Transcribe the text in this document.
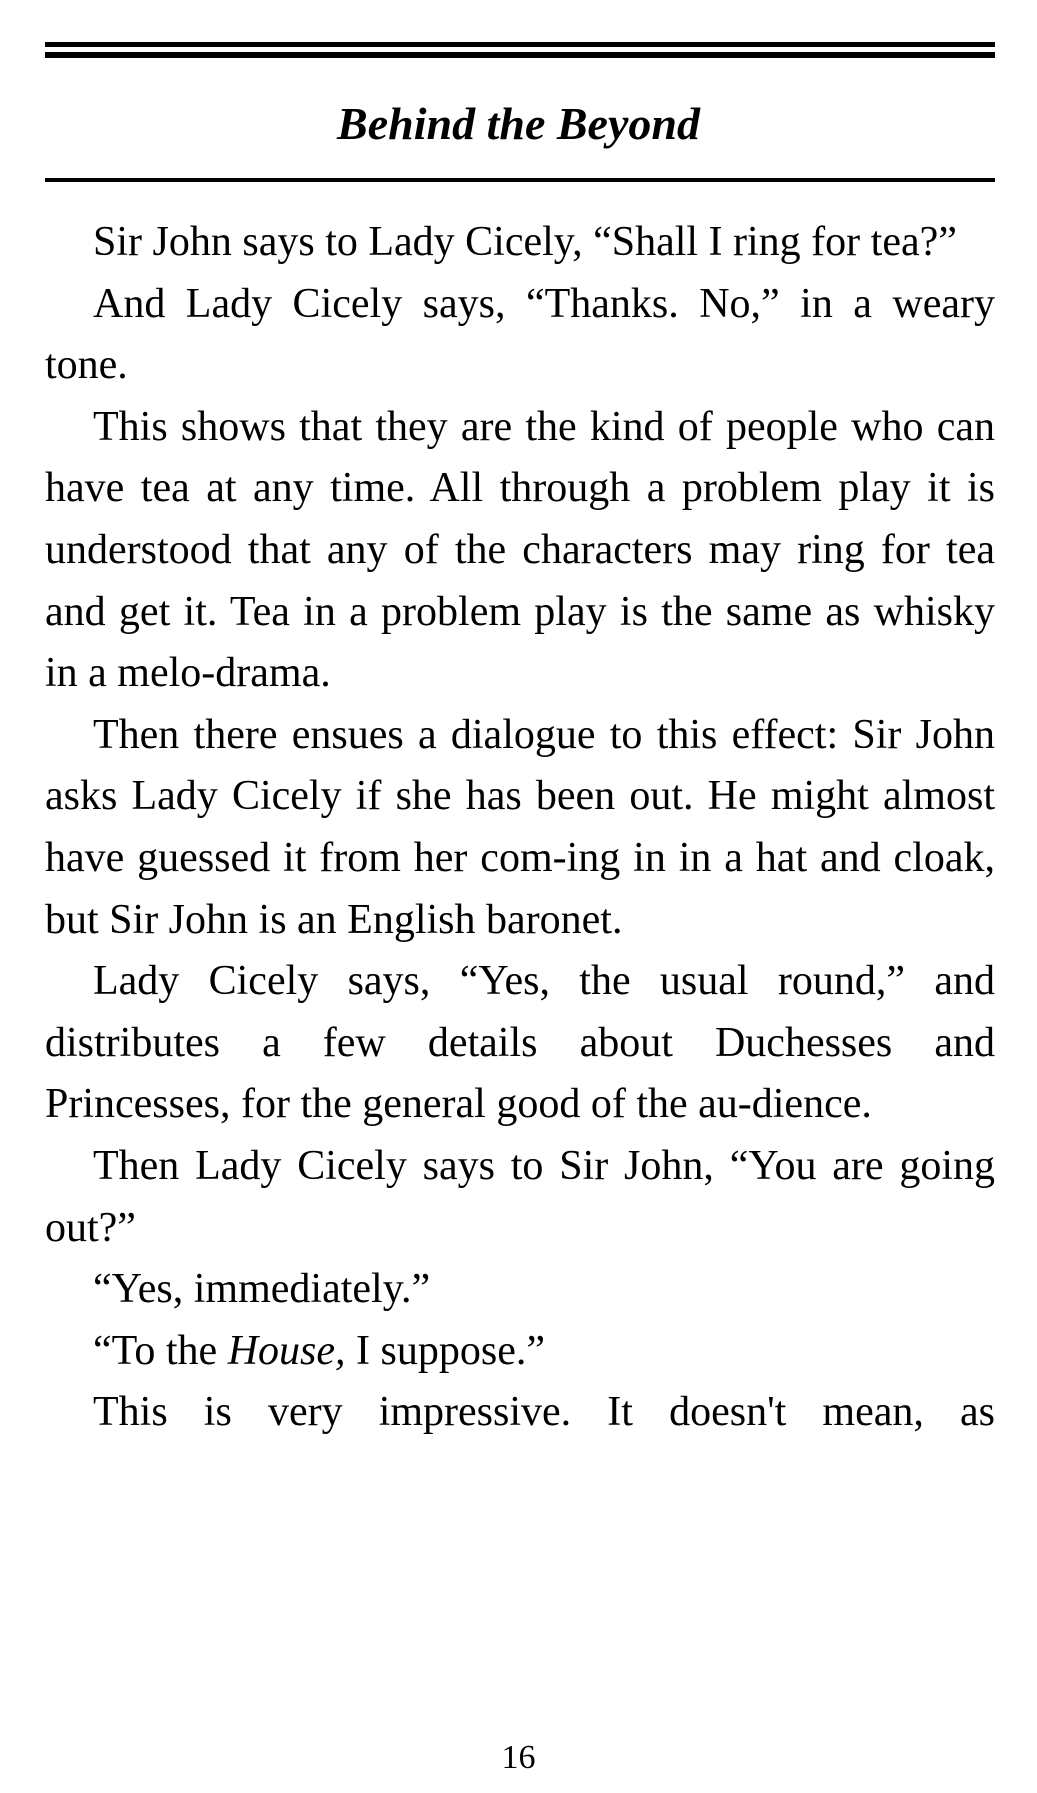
Behind the Beyond

Sir John says to Lady Cicely, “Shall I ring for tea?”

And Lady Cicely says, “Thanks. No,” in a weary tone.

This shows that they are the kind of people who can have tea at any time. All through a problem play it is understood that any of the characters may ring for tea and get it. Tea in a problem play is the same as whisky in a melo-drama.

Then there ensues a dialogue to this effect: Sir John asks Lady Cicely if she has been out. He might almost have guessed it from her com-ing in in a hat and cloak, but Sir John is an English baronet.

Lady Cicely says, “Yes, the usual round,” and distributes a few details about Duchesses and Princesses, for the general good of the au-dience.

Then Lady Cicely says to Sir John, “You are going out?”

“Yes, immediately.”

“To the House, I suppose.”

This is very impressive. It doesn't mean, as

16
